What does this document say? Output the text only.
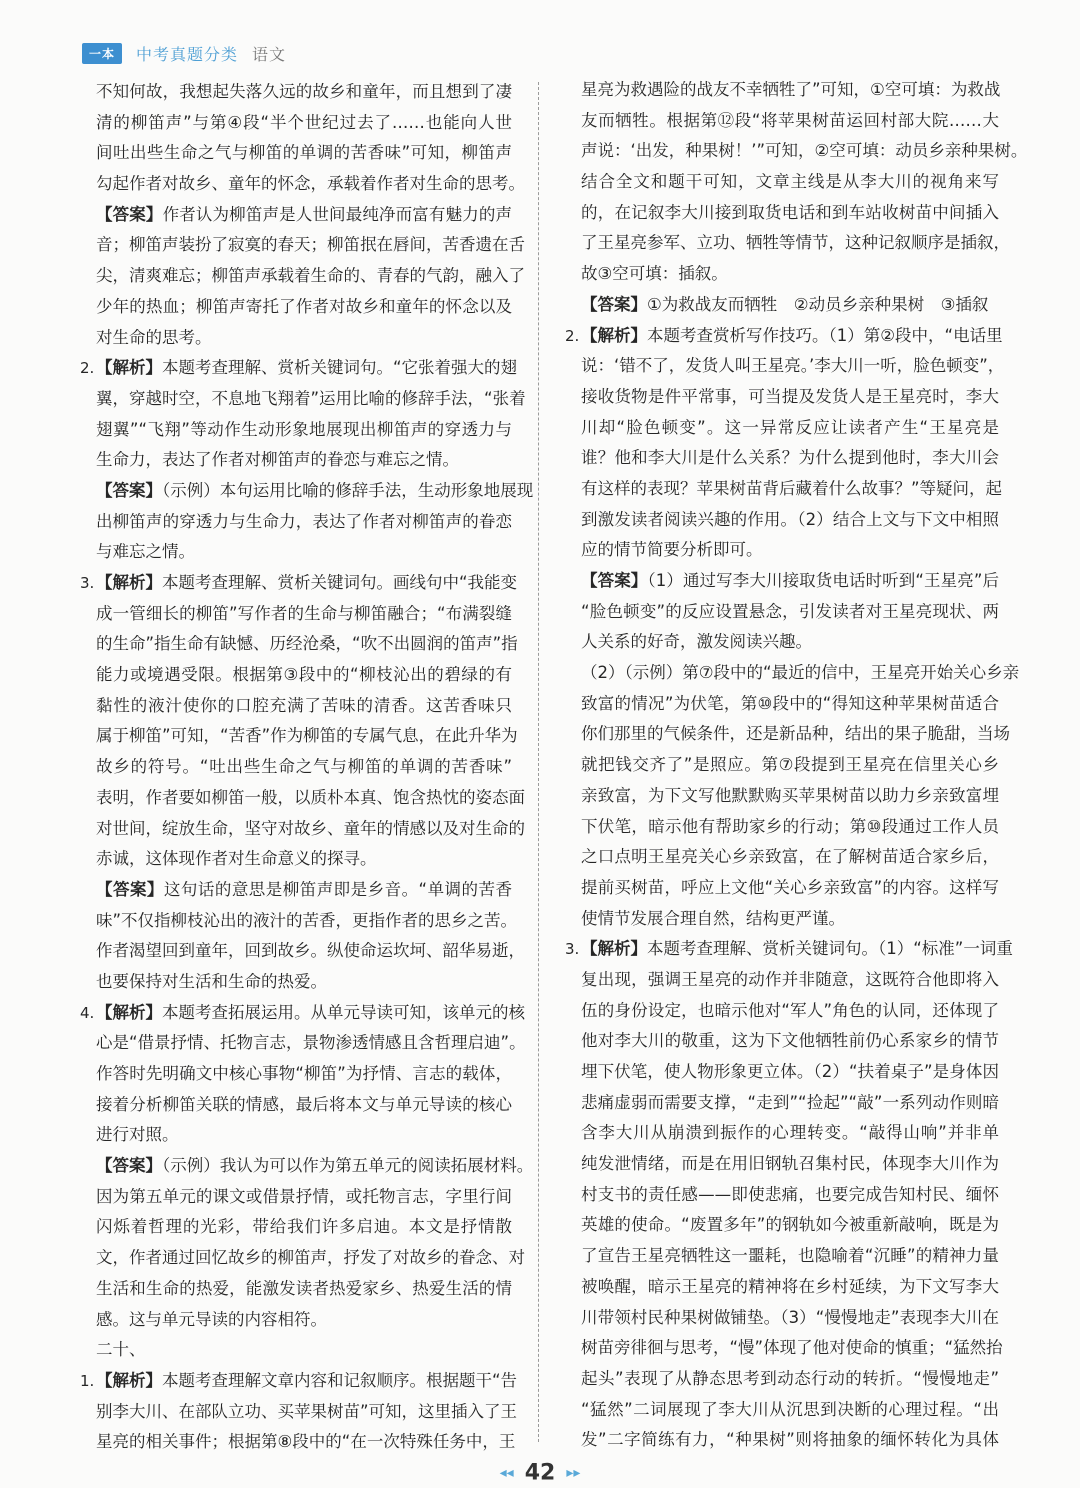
一本	中考真题分类 语文
不知何故，我想起失落久远的故乡和童年，而且想到了凄
清的柳笛声”与第④段“半个世纪过去了……也能向人世
间吐出些生命之气与柳笛的单调的苦香味”可知，柳笛声
勾起作者对故乡、童年的怀念，承载着作者对生命的思考。
【答案】作者认为柳笛声是人世间最纯净而富有魅力的声
音；柳笛声装扮了寂寞的春天；柳笛抿在唇间，苦香遗在舌
尖，清爽难忘；柳笛声承载着生命的、青春的气韵，融入了
少年的热血；柳笛声寄托了作者对故乡和童年的怀念以及
对生命的思考。
2. 【解析】本题考查理解、赏析关键词句。“它张着强大的翅
翼，穿越时空，不息地飞翔着”运用比喻的修辞手法，“张着
翅翼”“飞翔”等动作生动形象地展现出柳笛声的穿透力与
生命力，表达了作者对柳笛声的眷恋与难忘之情。
【答案】（示例）本句运用比喻的修辞手法，生动形象地展现
出柳笛声的穿透力与生命力，表达了作者对柳笛声的眷恋
与难忘之情。
3. 【解析】本题考查理解、赏析关键词句。画线句中“我能变
成一管细长的柳笛”写作者的生命与柳笛融合；“布满裂缝
的生命”指生命有缺憾、历经沧桑，“吹不出圆润的笛声”指
能力或境遇受限。根据第③段中的“柳枝沁出的碧绿的有
黏性的液汁使你的口腔充满了苦味的清香。这苦香味只
属于柳笛”可知，“苦香”作为柳笛的专属气息，在此升华为
故乡的符号。“吐出些生命之气与柳笛的单调的苦香味”
表明，作者要如柳笛一般，以质朴本真、饱含热忱的姿态面
对世间，绽放生命，坚守对故乡、童年的情感以及对生命的
赤诚，这体现作者对生命意义的探寻。
【答案】这句话的意思是柳笛声即是乡音。“单调的苦香
味”不仅指柳枝沁出的液汁的苦香，更指作者的思乡之苦。
作者渴望回到童年，回到故乡。纵使命运坎坷、韶华易逝，
也要保持对生活和生命的热爱。
4. 【解析】本题考查拓展运用。从单元导读可知，该单元的核
心是“借景抒情、托物言志，景物渗透情感且含哲理启迪”。
作答时先明确文中核心事物“柳笛”为抒情、言志的载体，
接着分析柳笛关联的情感，最后将本文与单元导读的核心
进行对照。
【答案】（示例）我认为可以作为第五单元的阅读拓展材料。
因为第五单元的课文或借景抒情，或托物言志，字里行间
闪烁着哲理的光彩，带给我们许多启迪。本文是抒情散
文，作者通过回忆故乡的柳笛声，抒发了对故乡的眷念、对
生活和生命的热爱，能激发读者热爱家乡、热爱生活的情
感。这与单元导读的内容相符。
二十、
1. 【解析】本题考查理解文章内容和记叙顺序。根据题干“告
别李大川、在部队立功、买苹果树苗”可知，这里插入了王
星亮的相关事件；根据第⑧段中的“在一次特殊任务中，王
星亮为救遇险的战友不幸牺牲了”可知，①空可填：为救战
友而牺牲。根据第⑫段“将苹果树苗运回村部大院……大
声说：‘出发，种果树！’”可知，②空可填：动员乡亲种果树。
结合全文和题干可知，文章主线是从李大川的视角来写
的，在记叙李大川接到取货电话和到车站收树苗中间插入
了王星亮参军、立功、牺牲等情节，这种记叙顺序是插叙，
故③空可填：插叙。
【答案】①为救战友而牺牲　②动员乡亲种果树　③插叙
2. 【解析】本题考查赏析写作技巧。（1）第②段中，“电话里
说：‘错不了，发货人叫王星亮。’李大川一听，脸色顿变”，
接收货物是件平常事，可当提及发货人是王星亮时，李大
川却“脸色顿变”。这一异常反应让读者产生“王星亮是
谁？他和李大川是什么关系？为什么提到他时，李大川会
有这样的表现？苹果树苗背后藏着什么故事？”等疑问，起
到激发读者阅读兴趣的作用。（2）结合上文与下文中相照
应的情节简要分析即可。
【答案】（1）通过写李大川接取货电话时听到“王星亮”后
“脸色顿变”的反应设置悬念，引发读者对王星亮现状、两
人关系的好奇，激发阅读兴趣。
（2）（示例）第⑦段中的“最近的信中，王星亮开始关心乡亲
致富的情况”为伏笔，第⑩段中的“得知这种苹果树苗适合
你们那里的气候条件，还是新品种，结出的果子脆甜，当场
就把钱交齐了”是照应。第⑦段提到王星亮在信里关心乡
亲致富，为下文写他默默购买苹果树苗以助力乡亲致富埋
下伏笔，暗示他有帮助家乡的行动；第⑩段通过工作人员
之口点明王星亮关心乡亲致富，在了解树苗适合家乡后，
提前买树苗，呼应上文他“关心乡亲致富”的内容。这样写
使情节发展合理自然，结构更严谨。
3. 【解析】本题考查理解、赏析关键词句。（1）“标准”一词重
复出现，强调王星亮的动作并非随意，这既符合他即将入
伍的身份设定，也暗示他对“军人”角色的认同，还体现了
他对李大川的敬重，这为下文他牺牲前仍心系家乡的情节
埋下伏笔，使人物形象更立体。（2）“扶着桌子”是身体因
悲痛虚弱而需要支撑，“走到”“捡起”“敲”一系列动作则暗
含李大川从崩溃到振作的心理转变。“敲得山响”并非单
纯发泄情绪，而是在用旧钢轨召集村民，体现李大川作为
村支书的责任感——即使悲痛，也要完成告知村民、缅怀
英雄的使命。“废置多年”的钢轨如今被重新敲响，既是为
了宣告王星亮牺牲这一噩耗，也隐喻着“沉睡”的精神力量
被唤醒，暗示王星亮的精神将在乡村延续，为下文写李大
川带领村民种果树做铺垫。（3）“慢慢地走”表现李大川在
树苗旁徘徊与思考，“慢”体现了他对使命的慎重；“猛然抬
起头”表现了从静态思考到动态行动的转折。“慢慢地走”
“猛然”二词展现了李大川从沉思到决断的心理过程。“出
发”二字简练有力，“种果树”则将抽象的缅怀转化为具体
◂◂ 42 ▸▸
